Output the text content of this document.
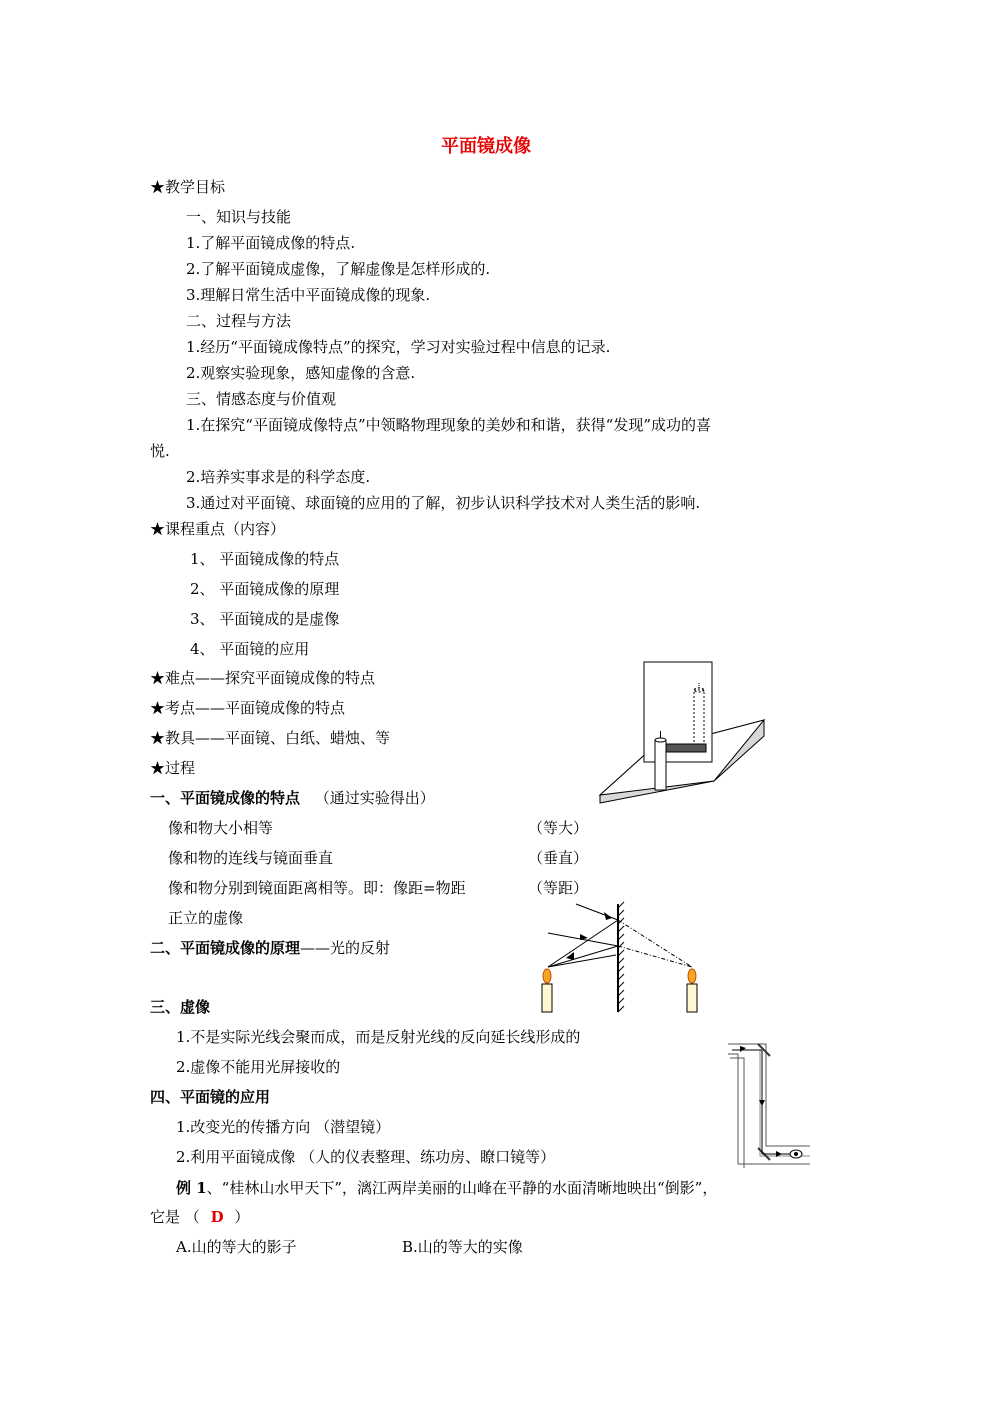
平面镜成像
★教学目标
一、知识与技能
1.了解平面镜成像的特点.
2.了解平面镜成虚像，了解虚像是怎样形成的.
3.理解日常生活中平面镜成像的现象.
二、过程与方法
1.经历“平面镜成像特点”的探究，学习对实验过程中信息的记录.
2.观察实验现象，感知虚像的含意.
三、情感态度与价值观
1.在探究“平面镜成像特点”中领略物理现象的美妙和和谐，获得“发现”成功的喜
悦.
2.培养实事求是的科学态度.
3.通过对平面镜、球面镜的应用的了解，初步认识科学技术对人类生活的影响.
★课程重点（内容）
1、 平面镜成像的特点
2、 平面镜成像的原理
3、 平面镜成的是虚像
4、 平面镜的应用
★难点——探究平面镜成像的特点
★考点——平面镜成像的特点
★教具——平面镜、白纸、蜡烛、等
★过程
一、平面镜成像的特点 （通过实验得出）
像和物大小相等	（等大）
像和物的连线与镜面垂直	（垂直）
像和物分别到镜面距离相等。即：像距=物距	（等距）
正立的虚像
二、平面镜成像的原理——光的反射
三、虚像
1.不是实际光线会聚而成，而是反射光线的反向延长线形成的
2.虚像不能用光屏接收的
四、平面镜的应用
1.改变光的传播方向 （潜望镜）
2.利用平面镜成像 （人的仪表整理、练功房、瞭口镜等）
例 1、“桂林山水甲天下”，漓江两岸美丽的山峰在平静的水面清晰地映出“倒影”，
它是 （ D ）
A.山的等大的影子	B.山的等大的实像
